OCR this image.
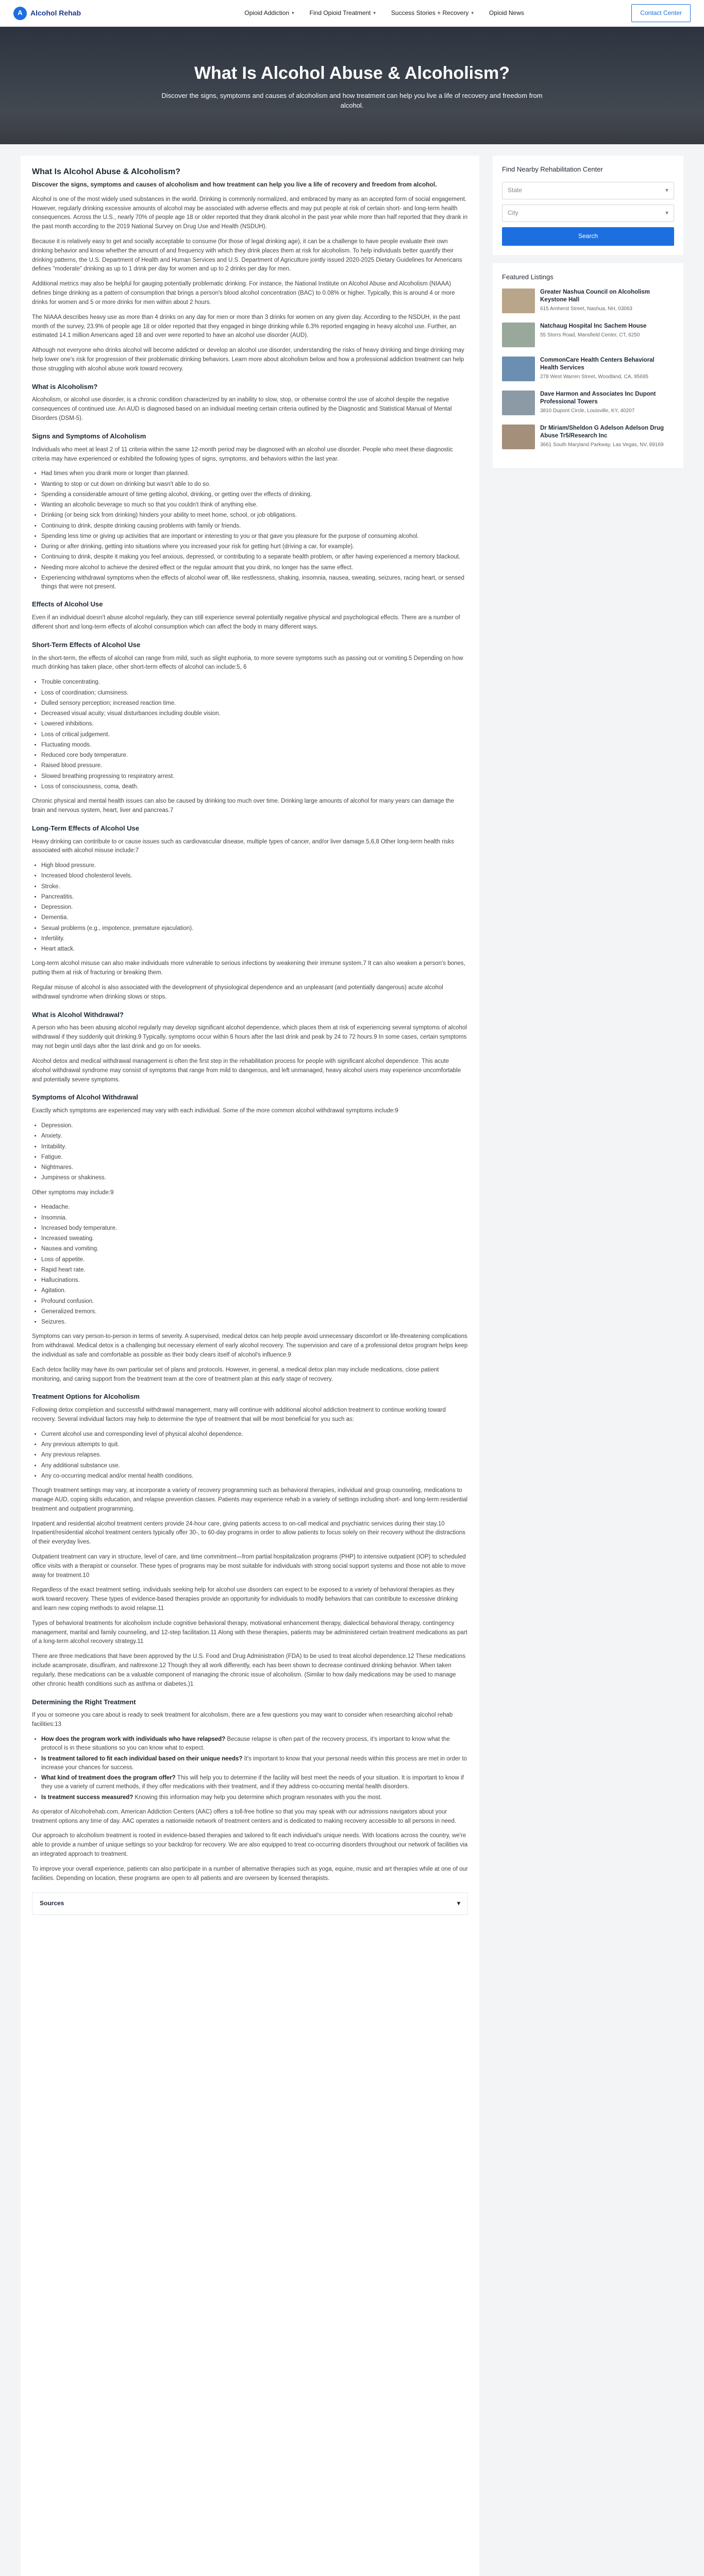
A	Alcohol Rehab	Opioid Addiction ▾	Find Opioid Treatment ▾	Success Stories + Recovery ▾	Opioid News	Contact Center
What Is Alcohol Abuse & Alcoholism?

Discover the signs, symptoms and causes of alcoholism and how treatment can help you live a life of recovery and freedom from alcohol.

What Is Alcohol Abuse & Alcoholism?

Discover the signs, symptoms and causes of alcoholism and how treatment can help you live a life of recovery and freedom from alcohol.

Alcohol is one of the most widely used substances in the world. Drinking is commonly normalized, and embraced by many as an accepted form of social engagement. However, regularly drinking excessive amounts of alcohol may be associated with adverse effects and may put people at risk of certain short- and long-term health consequences. Across the U.S., nearly 70% of people age 18 or older reported that they drank alcohol in the past year while more than half reported that they drank in the past month according to the 2019 National Survey on Drug Use and Health (NSDUH).

Because it is relatively easy to get and socially acceptable to consume (for those of legal drinking age), it can be a challenge to have people evaluate their own drinking behavior and know whether the amount of and frequency with which they drink places them at risk for alcoholism. To help individuals better quantify their drinking patterns, the U.S. Department of Health and Human Services and U.S. Department of Agriculture jointly issued 2020-2025 Dietary Guidelines for Americans defines "moderate" drinking as up to 1 drink per day for women and up to 2 drinks per day for men.

Additional metrics may also be helpful for gauging potentially problematic drinking. For instance, the National Institute on Alcohol Abuse and Alcoholism (NIAAA) defines binge drinking as a pattern of consumption that brings a person's blood alcohol concentration (BAC) to 0.08% or higher. Typically, this is around 4 or more drinks for women and 5 or more drinks for men within about 2 hours.

The NIAAA describes heavy use as more than 4 drinks on any day for men or more than 3 drinks for women on any given day. According to the NSDUH, in the past month of the survey, 23.9% of people age 18 or older reported that they engaged in binge drinking while 6.3% reported engaging in heavy alcohol use. Further, an estimated 14.1 million Americans aged 18 and over were reported to have an alcohol use disorder (AUD).

Although not everyone who drinks alcohol will become addicted or develop an alcohol use disorder, understanding the risks of heavy drinking and binge drinking may help lower one's risk for progression of their problematic drinking behaviors. Learn more about alcoholism below and how a professional addiction treatment can help those struggling with alcohol abuse work toward recovery.

What is Alcoholism?

Alcoholism, or alcohol use disorder, is a chronic condition characterized by an inability to slow, stop, or otherwise control the use of alcohol despite the negative consequences of continued use. An AUD is diagnosed based on an individual meeting certain criteria outlined by the Diagnostic and Statistical Manual of Mental Disorders (DSM-5).

Signs and Symptoms of Alcoholism

Individuals who meet at least 2 of 11 criteria within the same 12-month period may be diagnosed with an alcohol use disorder. People who meet these diagnostic criteria may have experienced or exhibited the following types of signs, symptoms, and behaviors within the last year.

• Had times when you drank more or longer than planned.
• Wanting to stop or cut down on drinking but wasn't able to do so.
• Spending a considerable amount of time getting alcohol, drinking, or getting over the effects of drinking.
• Wanting an alcoholic beverage so much so that you couldn't think of anything else.
• Drinking (or being sick from drinking) hinders your ability to meet home, school, or job obligations.
• Continuing to drink, despite drinking causing problems with family or friends.
• Spending less time or giving up activities that are important or interesting to you or that gave you pleasure for the purpose of consuming alcohol.
• During or after drinking, getting into situations where you increased your risk for getting hurt (driving a car, for example).
• Continuing to drink, despite it making you feel anxious, depressed, or contributing to a separate health problem, or after having experienced a memory blackout.
• Needing more alcohol to achieve the desired effect or the regular amount that you drink, no longer has the same effect.
• Experiencing withdrawal symptoms when the effects of alcohol wear off, like restlessness, shaking, insomnia, nausea, sweating, seizures, racing heart, or sensed things that were not present.
Effects of Alcohol Use

Even if an individual doesn't abuse alcohol regularly, they can still experience several potentially negative physical and psychological effects. There are a number of different short and long-term effects of alcohol consumption which can affect the body in many different ways.

Short-Term Effects of Alcohol Use

In the short-term, the effects of alcohol can range from mild, such as slight euphoria, to more severe symptoms such as passing out or vomiting.5 Depending on how much drinking has taken place, other short-term effects of alcohol can include:5, 6

• Trouble concentrating.
• Loss of coordination; clumsiness.
• Dulled sensory perception; increased reaction time.
• Decreased visual acuity; visual disturbances including double vision.
• Lowered inhibitions.
• Loss of critical judgement.
• Fluctuating moods.
• Reduced core body temperature.
• Raised blood pressure.
• Slowed breathing progressing to respiratory arrest.
• Loss of consciousness, coma, death.

Chronic physical and mental health issues can also be caused by drinking too much over time. Drinking large amounts of alcohol for many years can damage the brain and nervous system, heart, liver and pancreas.7

Long-Term Effects of Alcohol Use

Heavy drinking can contribute to or cause issues such as cardiovascular disease, multiple types of cancer, and/or liver damage.5,6,8 Other long-term health risks associated with alcohol misuse include:7

• High blood pressure.
• Increased blood cholesterol levels.
• Stroke.
• Pancreatitis.
• Depression.
• Dementia.
• Sexual problems (e.g., impotence, premature ejaculation).
• Infertility.
• Heart attack.

Long-term alcohol misuse can also make individuals more vulnerable to serious infections by weakening their immune system.7 It can also weaken a person's bones, putting them at risk of fracturing or breaking them.

Regular misuse of alcohol is also associated with the development of physiological dependence and an unpleasant (and potentially dangerous) acute alcohol withdrawal syndrome when drinking slows or stops.

What is Alcohol Withdrawal?

A person who has been abusing alcohol regularly may develop significant alcohol dependence, which places them at risk of experiencing several symptoms of alcohol withdrawal if they suddenly quit drinking.9 Typically, symptoms occur within 6 hours after the last drink and peak by 24 to 72 hours.9 In some cases, certain symptoms may not begin until days after the last drink and go on for weeks.

Alcohol detox and medical withdrawal management is often the first step in the rehabilitation process for people with significant alcohol dependence. This acute alcohol withdrawal syndrome may consist of symptoms that range from mild to dangerous, and left unmanaged, heavy alcohol users may experience uncomfortable and potentially severe symptoms.

Symptoms of Alcohol Withdrawal

Exactly which symptoms are experienced may vary with each individual. Some of the more common alcohol withdrawal symptoms include:9

• Depression.
• Anxiety.
• Irritability.
• Fatigue.
• Nightmares.
• Jumpiness or shakiness.

Other symptoms may include:9

• Headache.
• Insomnia.
• Increased body temperature.
• Increased sweating.
• Nausea and vomiting.
• Loss of appetite.
• Rapid heart rate.
• Hallucinations.
• Agitation.
• Profound confusion.
• Generalized tremors.
• Seizures.

Symptoms can vary person-to-person in terms of severity. A supervised, medical detox can help people avoid unnecessary discomfort or life-threatening complications from withdrawal. Medical detox is a challenging but necessary element of early alcohol recovery. The supervision and care of a professional detox program helps keep the individual as safe and comfortable as possible as their body clears itself of alcohol's influence.9

Each detox facility may have its own particular set of plans and protocols. However, in general, a medical detox plan may include medications, close patient monitoring, and caring support from the treatment team at the core of treatment plan at this early stage of recovery.

Treatment Options for Alcoholism

Following detox completion and successful withdrawal management, many will continue with additional alcohol addiction treatment to continue working toward recovery. Several individual factors may help to determine the type of treatment that will be most beneficial for you such as:

• Current alcohol use and corresponding level of physical alcohol dependence.
• Any previous attempts to quit.
• Any previous relapses.
• Any additional substance use.
• Any co-occurring medical and/or mental health conditions.

Though treatment settings may vary, at incorporate a variety of recovery programming such as behavioral therapies, individual and group counseling, medications to manage AUD, coping skills education, and relapse prevention classes. Patients may experience rehab in a variety of settings including short- and long-term residential treatment and outpatient programming.

Inpatient and residential alcohol treatment centers provide 24-hour care, giving patients access to on-call medical and psychiatric services during their stay.10 Inpatient/residential alcohol treatment centers typically offer 30-, to 60-day programs in order to allow patients to focus solely on their recovery without the distractions of their everyday lives.

Outpatient treatment can vary in structure, level of care, and time commitment—from partial hospitalization programs (PHP) to intensive outpatient (IOP) to scheduled office visits with a therapist or counselor. These types of programs may be most suitable for individuals with strong social support systems and those not able to move away for treatment.10

Regardless of the exact treatment setting, individuals seeking help for alcohol use disorders can expect to be exposed to a variety of behavioral therapies as they work toward recovery. These types of evidence-based therapies provide an opportunity for individuals to modify behaviors that can contribute to excessive drinking and learn new coping methods to avoid relapse.11

Types of behavioral treatments for alcoholism include cognitive behavioral therapy, motivational enhancement therapy, dialectical behavioral therapy, contingency management, marital and family counseling, and 12-step facilitation.11 Along with these therapies, patients may be administered certain treatment medications as part of a long-term alcohol recovery strategy.11

There are three medications that have been approved by the U.S. Food and Drug Administration (FDA) to be used to treat alcohol dependence.12 These medications include acamprosate, disulfiram, and naltrexone.12 Though they all work differently, each has been shown to decrease continued drinking behavior. When taken regularly, these medications can be a valuable component of managing the chronic issue of alcoholism. (Similar to how daily medications may be used to manage other chronic health conditions such as asthma or diabetes.)1

Determining the Right Treatment

If you or someone you care about is ready to seek treatment for alcoholism, there are a few questions you may want to consider when researching alcohol rehab facilities:13

• How does the program work with individuals who have relapsed? Because relapse is often part of the recovery process, it's important to know what the protocol is in these situations so you can know what to expect.
• Is treatment tailored to fit each individual based on their unique needs? It's important to know that your personal needs within this process are met in order to increase your chances for success.
• What kind of treatment does the program offer? This will help you to determine if the facility will best meet the needs of your situation. It is important to know if they use a variety of current methods, if they offer medications with their treatment, and if they address co-occurring mental health disorders.
• Is treatment success measured? Knowing this information may help you determine which program resonates with you the most.

As operator of Alcoholrehab.com, American Addiction Centers (AAC) offers a toll-free hotline so that you may speak with our admissions navigators about your treatment options any time of day. AAC operates a nationwide network of treatment centers and is dedicated to making recovery accessible to all persons in need.

Our approach to alcoholism treatment is rooted in evidence-based therapies and tailored to fit each individual's unique needs. With locations across the country, we're able to provide a number of unique settings so your backdrop for recovery. We are also equipped to treat co-occurring disorders throughout our network of facilities via an integrated approach to treatment.

To improve your overall experience, patients can also participate in a number of alternative therapies such as yoga, equine, music and art therapies while at one of our facilities. Depending on location, these programs are open to all patients and are overseen by licensed therapists.

Sources	▾
Find Nearby Rehabilitation Center
State	▾
City	▾
Search
Featured Listings
Greater Nashua Council on Alcoholism Keystone Hall
615 Amherst Street, Nashua, NH, 03063
Natchaug Hospital Inc Sachem House
55 Storrs Road, Mansfield Center, CT, 6250
CommonCare Health Centers Behavioral Health Services
278 West Warren Street, Woodland, CA, 95695
Dave Harmon and Associates Inc Dupont Professional Towers
3810 Dupont Circle, Louisville, KY, 40207
Dr Miriam/Sheldon G Adelson Adelson Drug Abuse Tr5/Research Inc
3661 South Maryland Parkway, Las Vegas, NV, 89169
